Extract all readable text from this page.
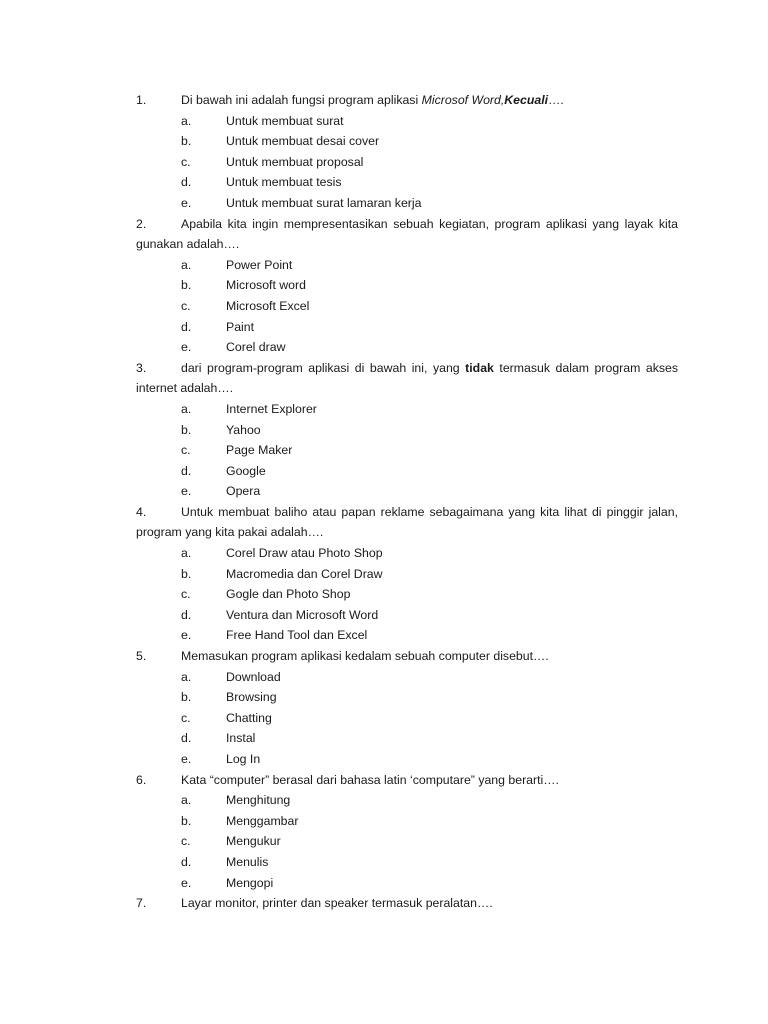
1.	Di bawah ini adalah fungsi program aplikasi Microsof Word,Kecuali….
a.	Untuk membuat surat
b.	Untuk membuat desai cover
c.	Untuk membuat proposal
d.	Untuk membuat tesis
e.	Untuk membuat surat lamaran kerja
2.	Apabila kita ingin mempresentasikan sebuah kegiatan, program aplikasi yang layak kita gunakan adalah….
a.	Power Point
b.	Microsoft word
c.	Microsoft Excel
d.	Paint
e.	Corel draw
3.	dari program-program aplikasi di bawah ini, yang tidak termasuk dalam program akses internet adalah….
a.	Internet Explorer
b.	Yahoo
c.	Page Maker
d.	Google
e.	Opera
4.	Untuk membuat baliho atau papan reklame sebagaimana yang kita lihat di pinggir jalan, program yang kita pakai adalah….
a.	Corel Draw atau Photo Shop
b.	Macromedia dan Corel Draw
c.	Gogle dan Photo Shop
d.	Ventura dan Microsoft Word
e.	Free Hand Tool dan Excel
5.	Memasukan program aplikasi kedalam sebuah computer disebut….
a.	Download
b.	Browsing
c.	Chatting
d.	Instal
e.	Log In
6.	Kata “computer” berasal dari bahasa latin ‘computare” yang berarti….
a.	Menghitung
b.	Menggambar
c.	Mengukur
d.	Menulis
e.	Mengopi
7.	Layar monitor, printer dan speaker termasuk peralatan….
